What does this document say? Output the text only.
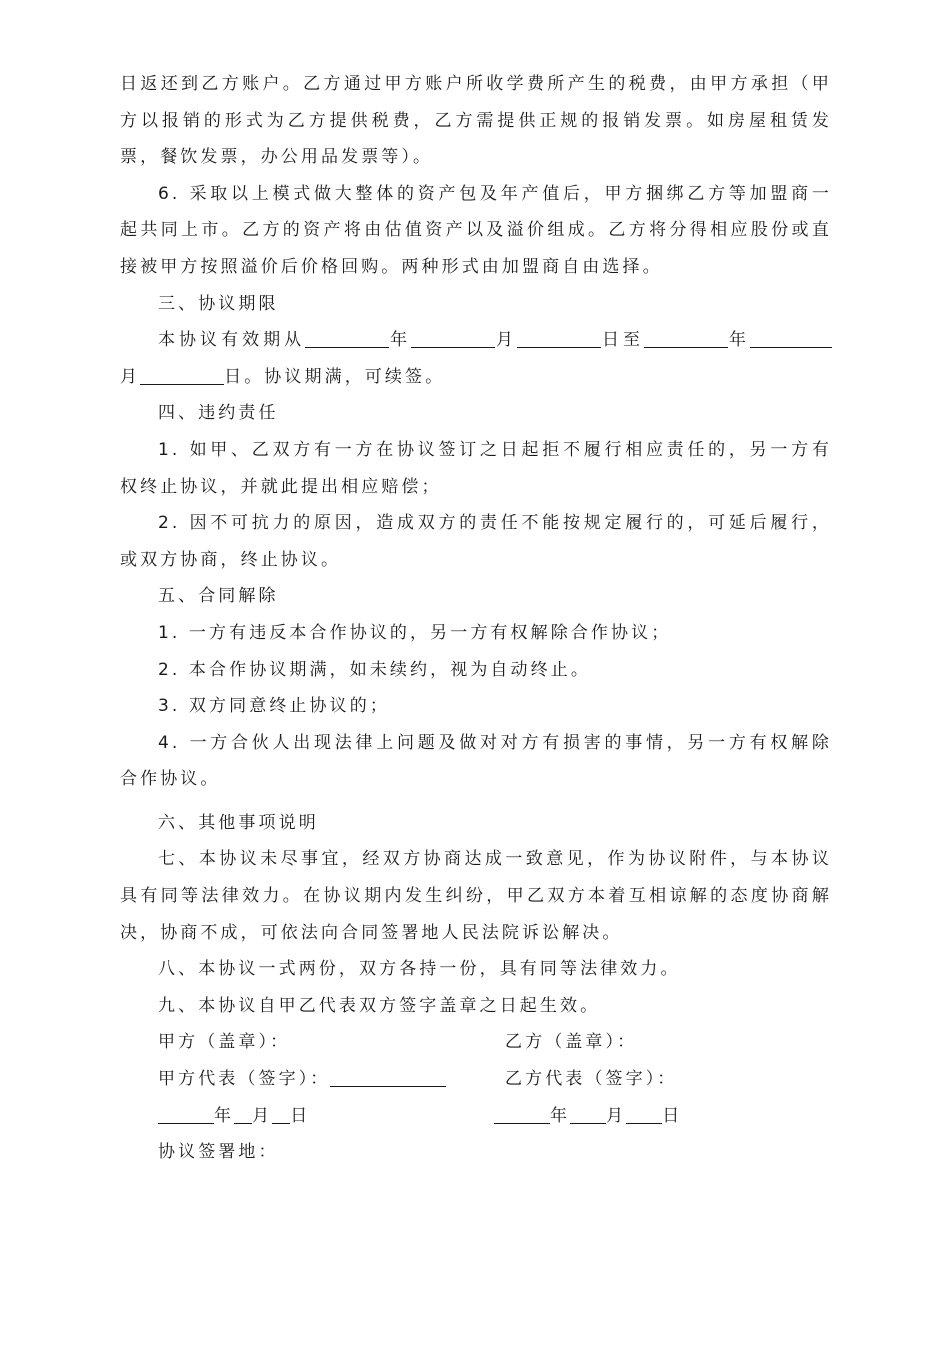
日返还到乙方账户。乙方通过甲方账户所收学费所产生的税费，由甲方承担（甲方以报销的形式为乙方提供税费，乙方需提供正规的报销发票。如房屋租赁发票，餐饮发票，办公用品发票等）。

6. 采取以上模式做大整体的资产包及年产值后，甲方捆绑乙方等加盟商一起共同上市。乙方的资产将由估值资产以及溢价组成。乙方将分得相应股份或直接被甲方按照溢价后价格回购。两种形式由加盟商自由选择。

三、协议期限

本协议有效期从	年	月	日至	年月	日。协议期满，可续签。

四、违约责任

1. 如甲、乙双方有一方在协议签订之日起拒不履行相应责任的，另一方有权终止协议，并就此提出相应赔偿；

2. 因不可抗力的原因，造成双方的责任不能按规定履行的，可延后履行，或双方协商，终止协议。

五、合同解除

1. 一方有违反本合作协议的，另一方有权解除合作协议；

2. 本合作协议期满，如未续约，视为自动终止。

3. 双方同意终止协议的；

4. 一方合伙人出现法律上问题及做对对方有损害的事情，另一方有权解除合作协议。

六、其他事项说明

七、本协议未尽事宜，经双方协商达成一致意见，作为协议附件，与本协议具有同等法律效力。在协议期内发生纠纷，甲乙双方本着互相谅解的态度协商解决，协商不成，可依法向合同签署地人民法院诉讼解决。

八、本协议一式两份，双方各持一份，具有同等法律效力。

九、本协议自甲乙代表双方签字盖章之日起生效。

甲方（盖章）：	乙方（盖章）：
甲方代表（签字）：	乙方代表（签字）：
年 月 日	年 月 日
协议签署地：
